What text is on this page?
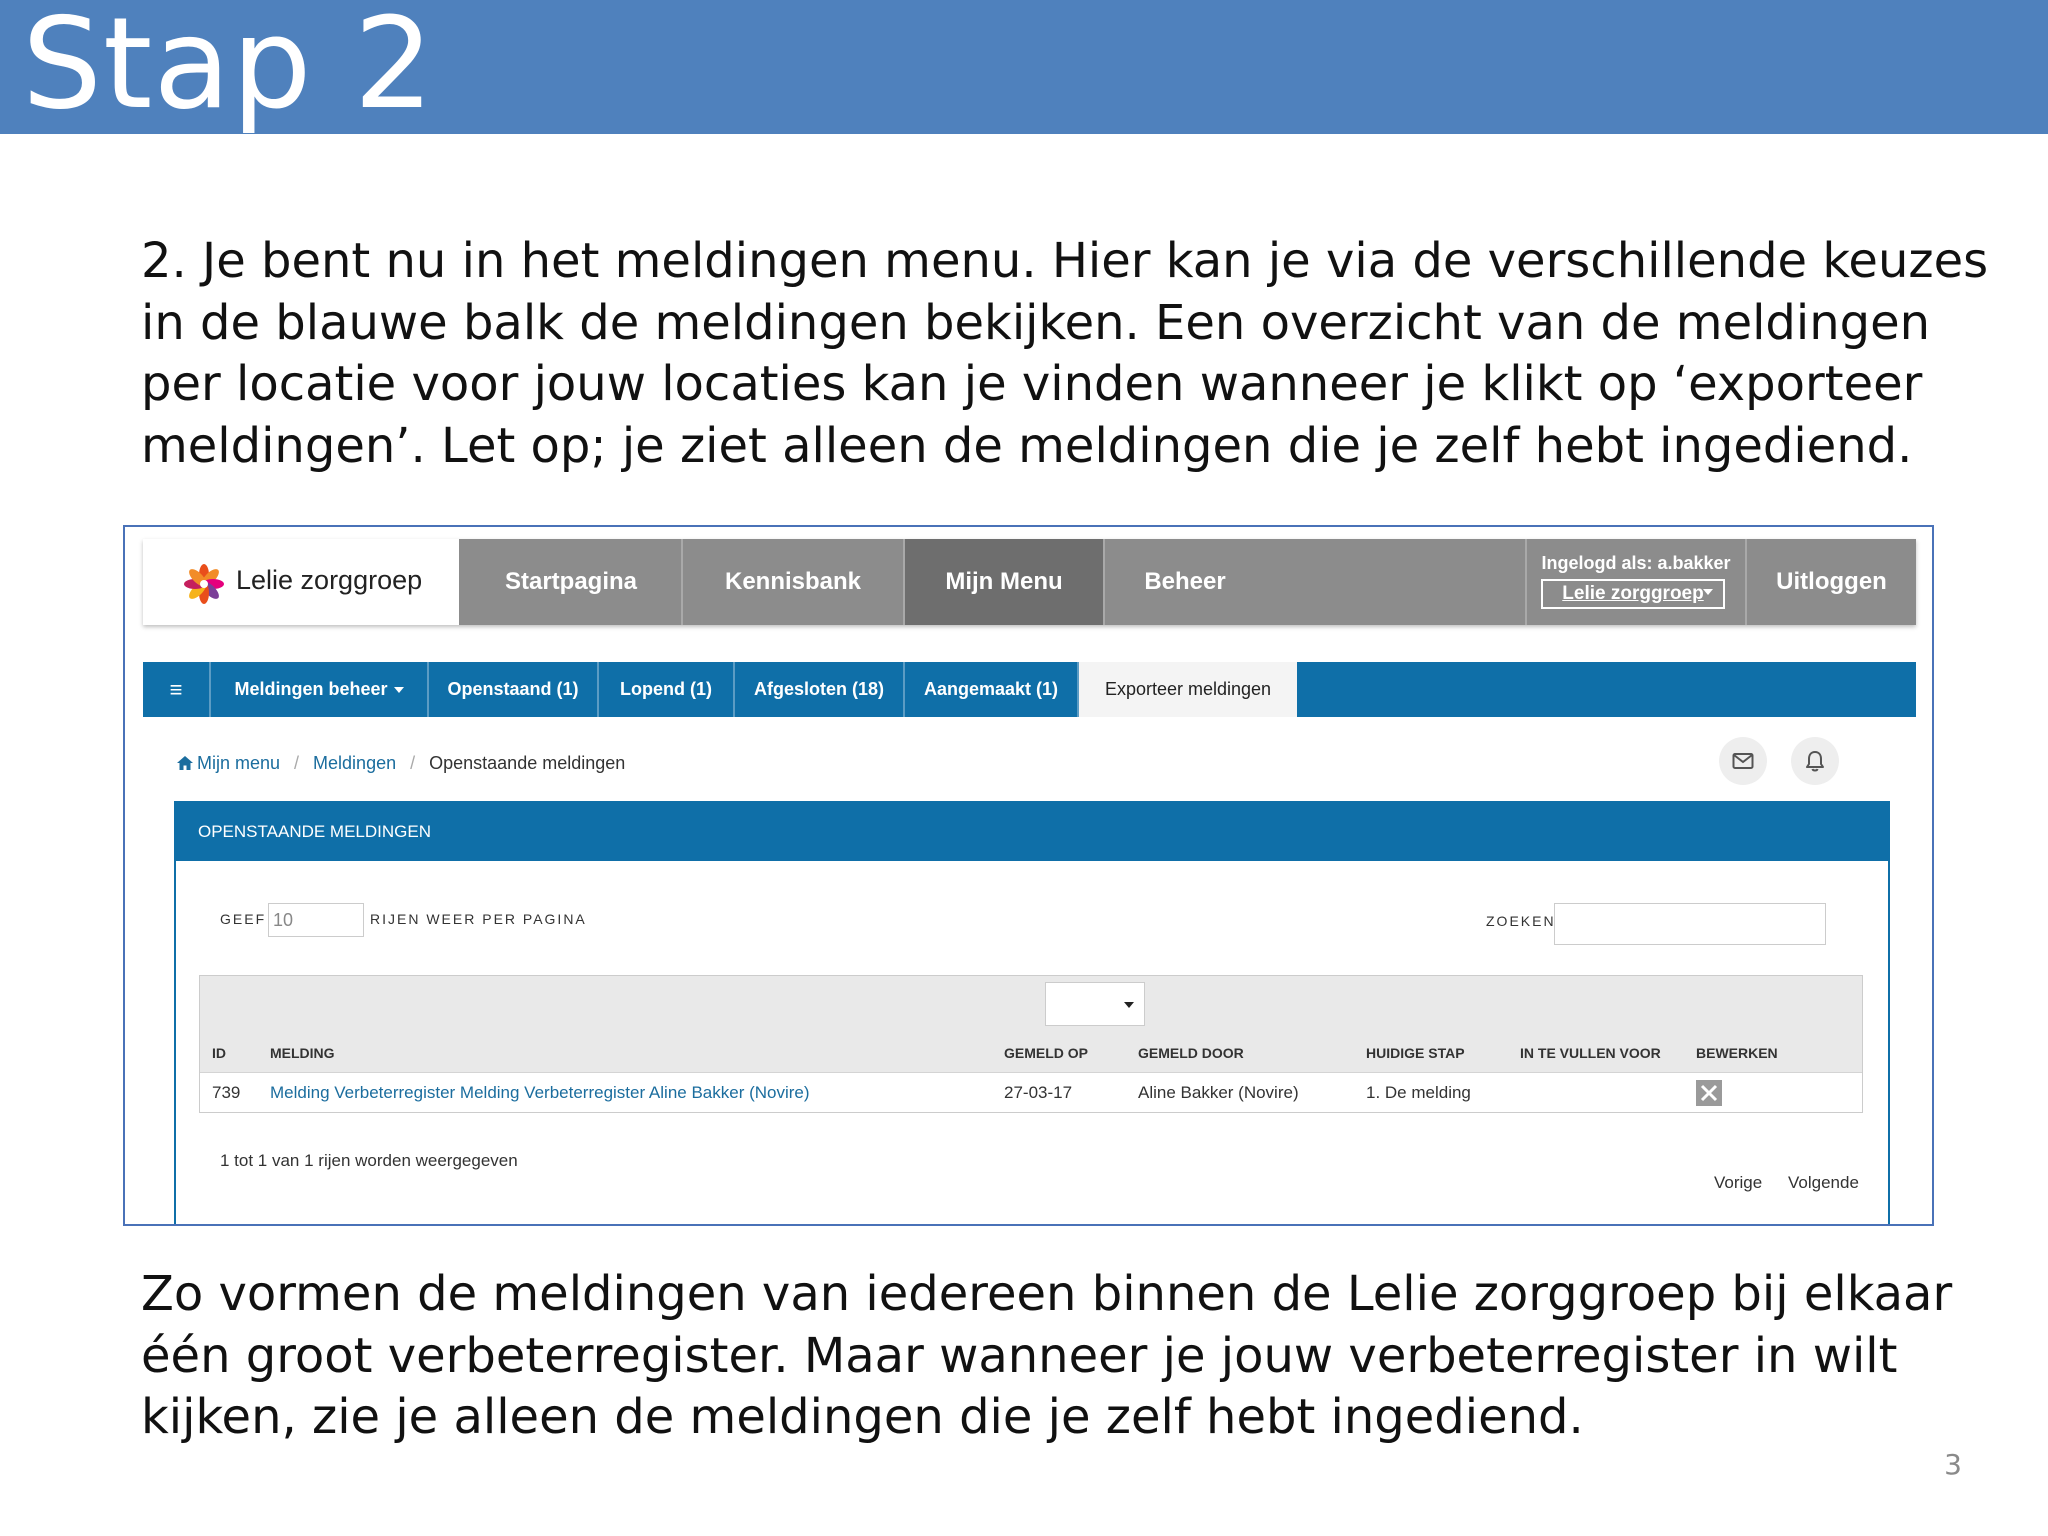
Stap 2
2. Je bent nu in het meldingen menu. Hier kan je via de verschillende keuzes in de blauwe balk de meldingen bekijken. Een overzicht van de meldingen per locatie voor jouw locaties kan je vinden wanneer je klikt op ‘exporteer meldingen’. Let op; je ziet alleen de meldingen die je zelf hebt ingediend.
Lelie zorggroep	Startpagina	Kennisbank	Mijn Menu	Beheer
Ingelogd als: a.bakker
Lelie zorggroep	Uitloggen
≡	Meldingen beheer	Openstaand (1)	Lopend (1)	Afgesloten (18)	Aangemaakt (1)	Exporteer meldingen
Mijn menu / Meldingen / Openstaande meldingen
OPENSTAANDE MELDINGEN
GEEF
10	RIJEN WEER PER PAGINA	ZOEKEN
ID	MELDING	GEMELD OP	GEMELD DOOR	HUIDIGE STAP	IN TE VULLEN VOOR	BEWERKEN
739 Melding Verbeterregister Melding Verbeterregister Aline Bakker (Novire)	27-03-17	Aline Bakker (Novire)	1. De melding
1 tot 1 van 1 rijen worden weergegeven
Vorige Volgende
Zo vormen de meldingen van iedereen binnen de Lelie zorggroep bij elkaar één groot verbeterregister. Maar wanneer je jouw verbeterregister in wilt kijken, zie je alleen de meldingen die je zelf hebt ingediend.
3
